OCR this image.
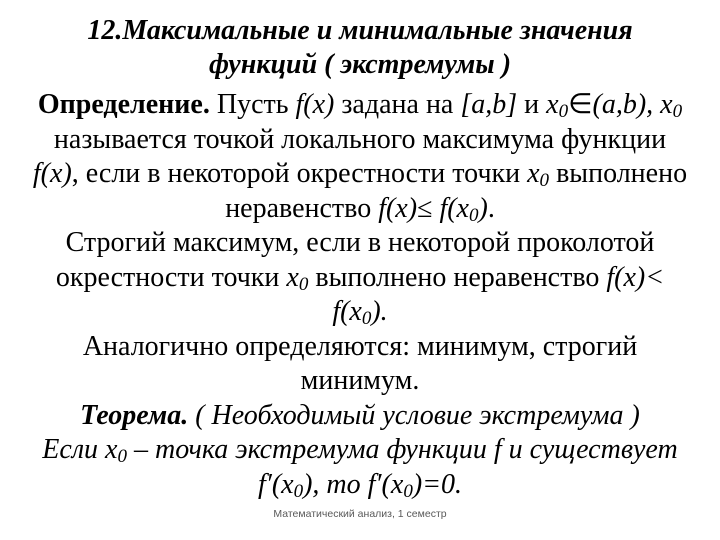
12.Максимальные и минимальные значения
функций ( экстремумы )
Определение. Пусть f(x) задана на [a,b] и $x_0\in(a,b)$, $x_0$
называется точкой локального максимума функции
f(x), если в некоторой окрестности точки $x_0$ выполнено
неравенство $f(x)\le f(x_0)$.
Строгий максимум, если в некоторой проколотой
окрестности точки $x_0$ выполнено неравенство f(x)<
$f(x_0)$.
Аналогично определяются: минимум, строгий
минимум.
Теорема. ( Необходимый условие экстремума )
Если $x_0$ – точка экстремума функции f и существует
$f'(x_0)$, то $f'(x_0)=0$.
Математический анализ, 1 семестр
